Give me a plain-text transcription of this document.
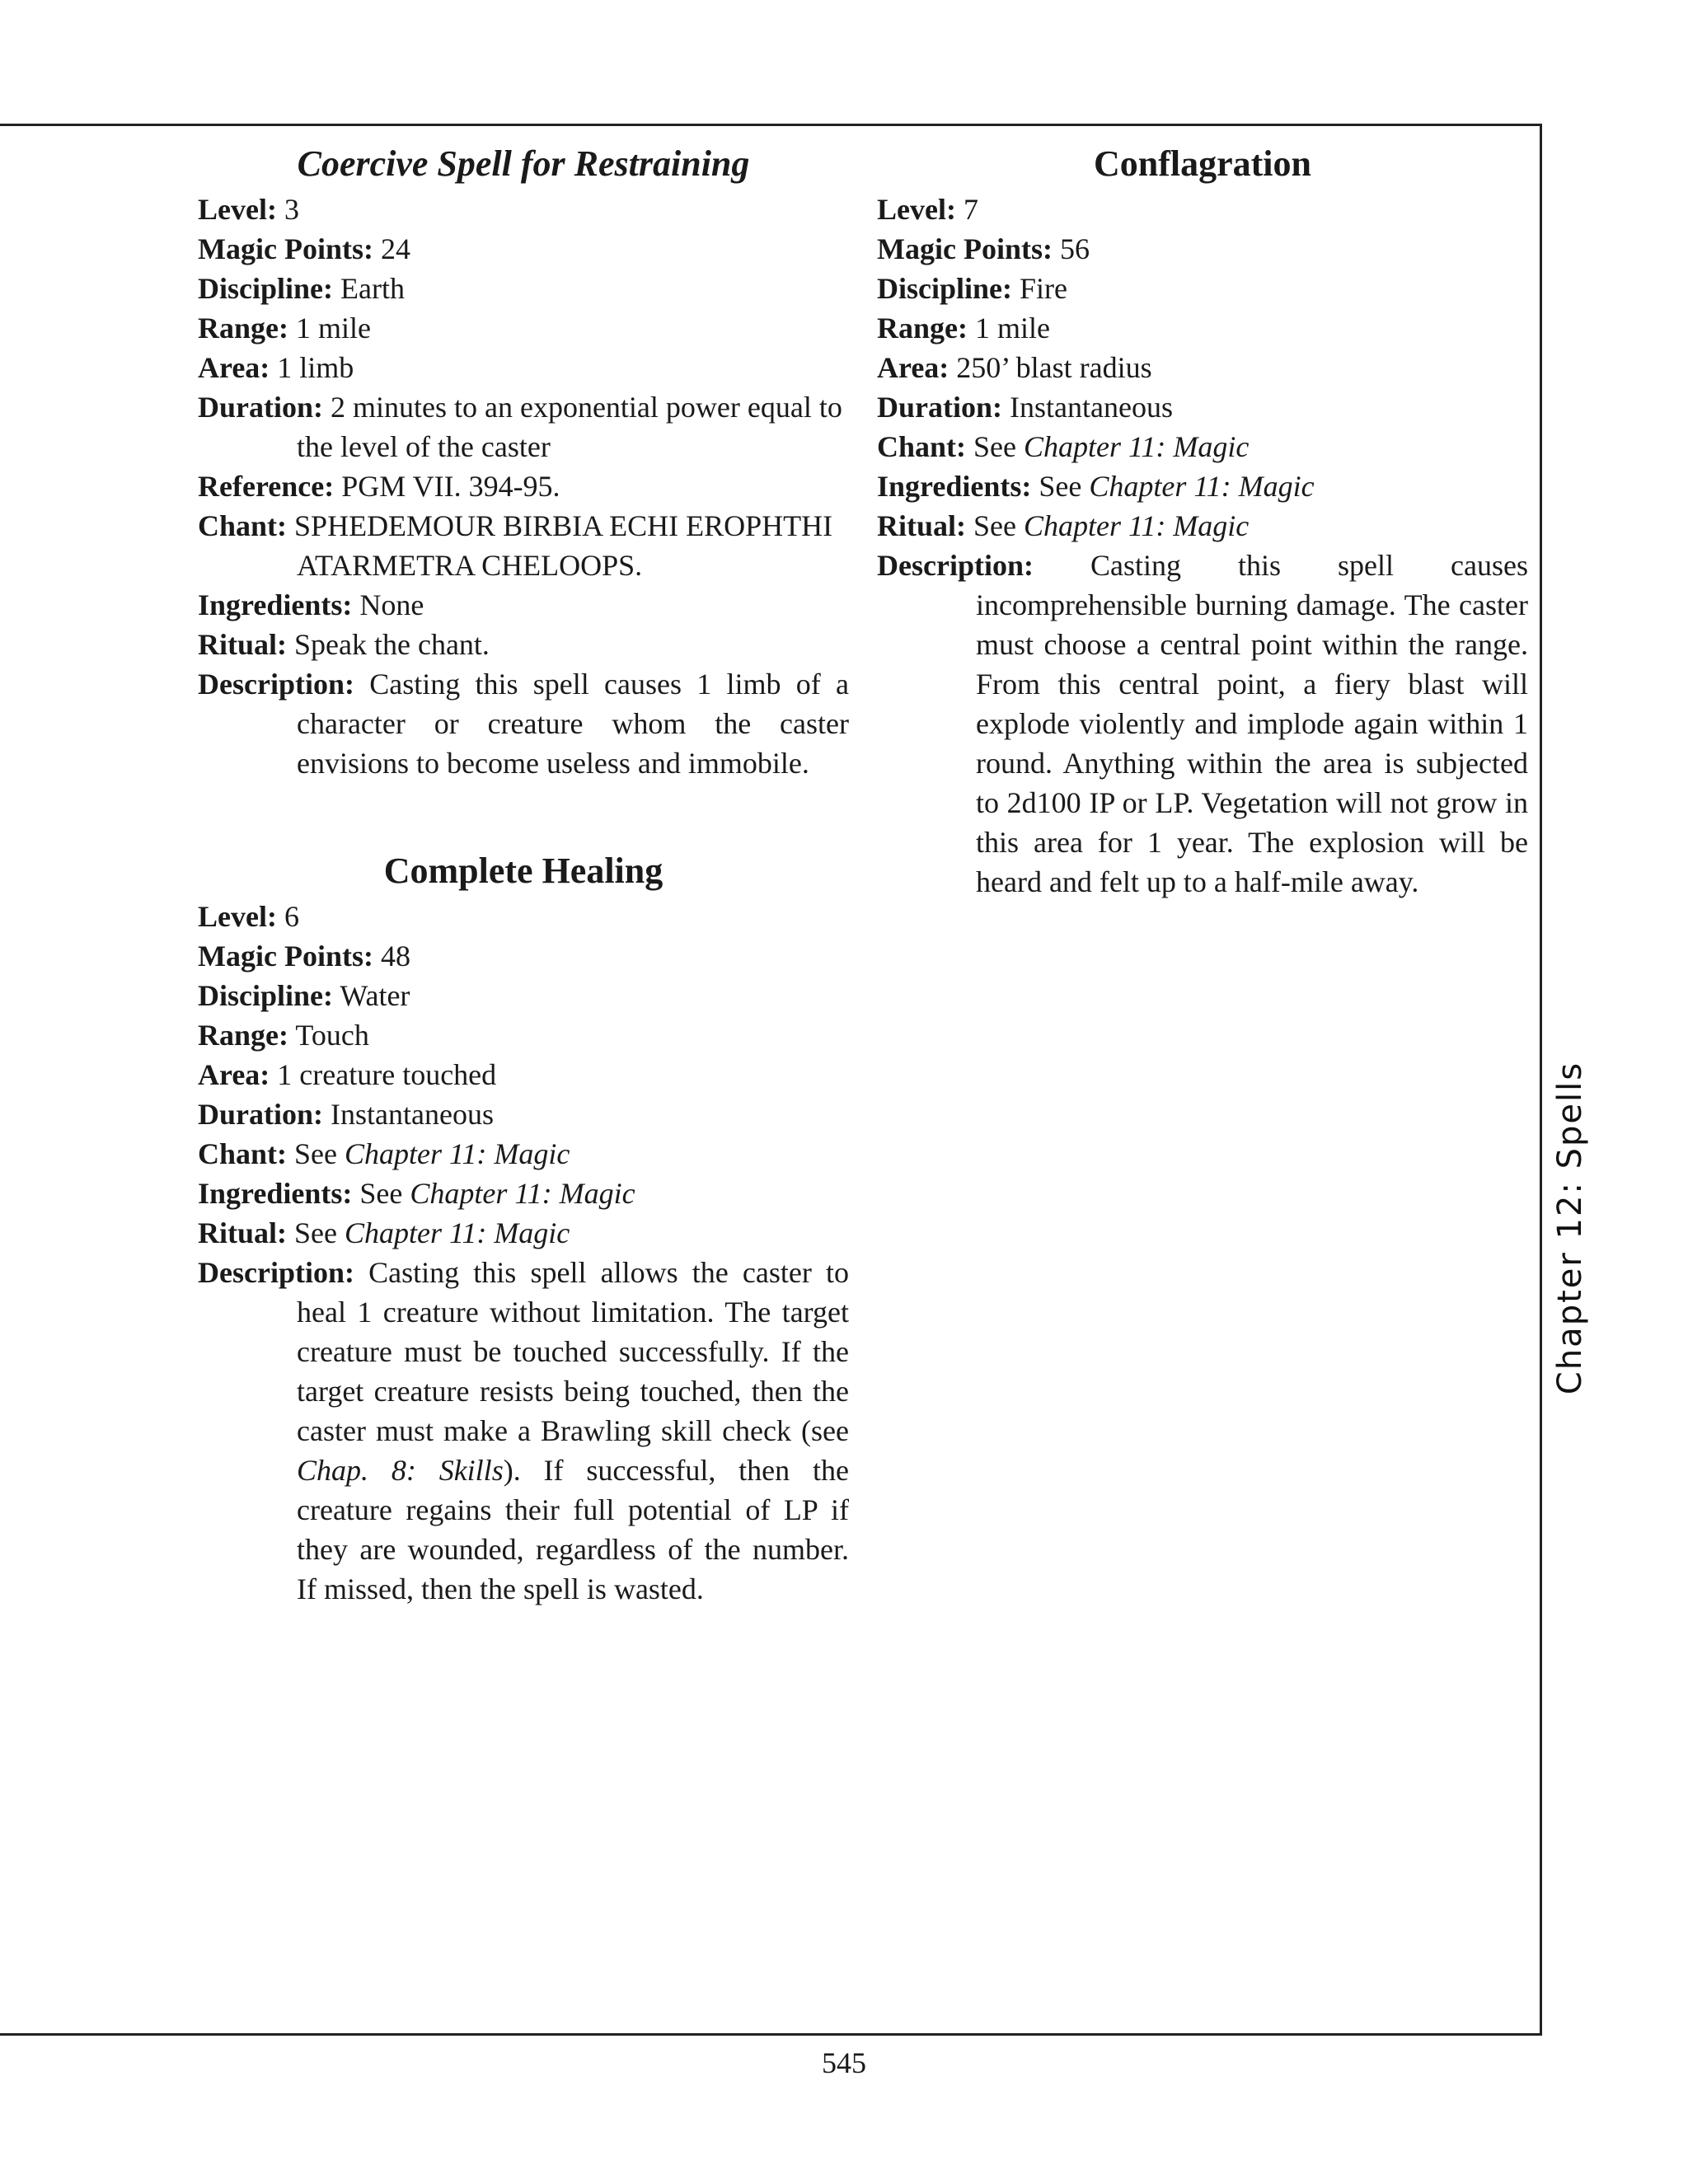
Coercive Spell for Restraining

Level: 3

Magic Points: 24

Discipline: Earth

Range: 1 mile

Area: 1 limb

Duration: 2 minutes to an exponential power equal to the level of the caster

Reference: PGM VII. 394-95.

Chant: SPHEDEMOUR BIRBIA ECHI EROPHTHI ATARMETRA CHELOOPS.

Ingredients: None

Ritual: Speak the chant.

Description: Casting this spell causes 1 limb of a character or creature whom the caster envisions to become useless and immobile.

Complete Healing

Level: 6

Magic Points: 48

Discipline: Water

Range: Touch

Area: 1 creature touched

Duration: Instantaneous

Chant: See Chapter 11: Magic

Ingredients: See Chapter 11: Magic

Ritual: See Chapter 11: Magic

Description: Casting this spell allows the caster to heal 1 creature without limitation. The target creature must be touched successfully. If the target creature resists being touched, then the caster must make a Brawling skill check (see Chap. 8: Skills). If successful, then the creature regains their full potential of LP if they are wounded, regardless of the number. If missed, then the spell is wasted.

Conflagration

Level: 7

Magic Points: 56

Discipline: Fire

Range: 1 mile

Area: 250’ blast radius

Duration: Instantaneous

Chant: See Chapter 11: Magic

Ingredients: See Chapter 11: Magic

Ritual: See Chapter 11: Magic

Description: Casting this spell causes incomprehensible burning damage. The caster must choose a central point within the range. From this central point, a fiery blast will explode violently and implode again within 1 round. Anything within the area is subjected to 2d100 IP or LP. Vegetation will not grow in this area for 1 year. The explosion will be heard and felt up to a half-mile away.

Chapter 12: Spells
545
